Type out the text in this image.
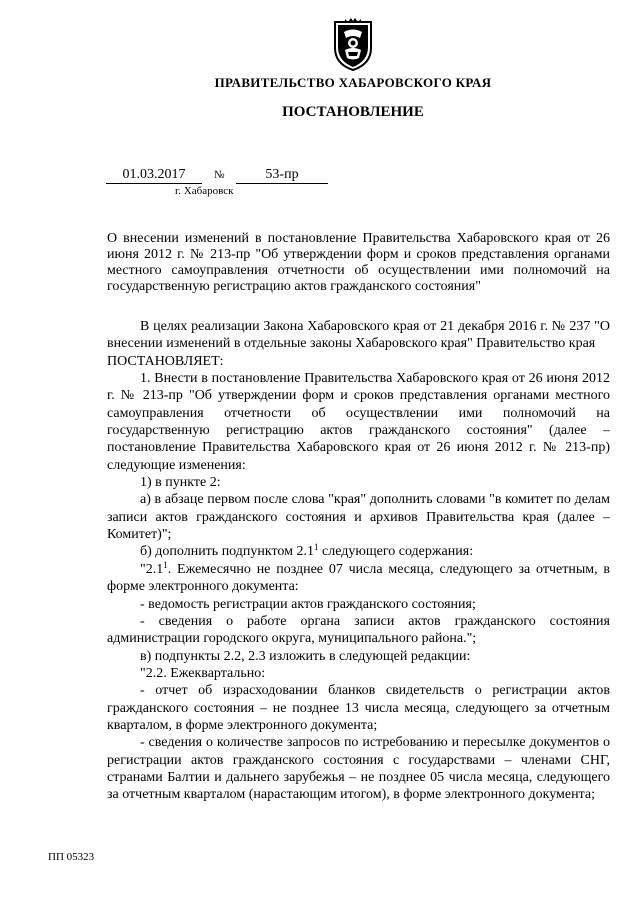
ПРАВИТЕЛЬСТВО ХАБАРОВСКОГО КРАЯ
ПОСТАНОВЛЕНИЕ
01.03.2017	№	53-пр
г. Хабаровск
О внесении изменений в постановление Правительства Хабаровского края от 26 июня 2012 г. № 213-пр "Об утверждении форм и сроков представления органами местного самоуправления отчетности об осуществлении ими полномочий на государственную регистрацию актов гражданского состояния"

В целях реализации Закона Хабаровского края от 21 декабря 2016 г. № 237 "О внесении изменений в отдельные законы Хабаровского края" Правительство края

ПОСТАНОВЛЯЕТ:

1. Внести в постановление Правительства Хабаровского края от 26 июня 2012 г. № 213-пр "Об утверждении форм и сроков представления органами местного самоуправления отчетности об осуществлении ими полномочий на государственную регистрацию актов гражданского состояния" (далее – постановление Правительства Хабаровского края от 26 июня 2012 г. № 213-пр) следующие изменения:

1) в пункте 2:

а) в абзаце первом после слова "края" дополнить словами "в комитет по делам записи актов гражданского состояния и архивов Правительства края (далее – Комитет)";

б) дополнить подпунктом $2.1^1$ следующего содержания:

"$2.1^1$. Ежемесячно не позднее 07 числа месяца, следующего за отчетным, в форме электронного документа:

- ведомость регистрации актов гражданского состояния;

- сведения о работе органа записи актов гражданского состояния администрации городского округа, муниципального района.";

в) подпункты 2.2, 2.3 изложить в следующей редакции:

"2.2. Ежеквартально:

- отчет об израсходовании бланков свидетельств о регистрации актов гражданского состояния – не позднее 13 числа месяца, следующего за отчетным кварталом, в форме электронного документа;

- сведения о количестве запросов по истребованию и пересылке документов о регистрации актов гражданского состояния с государствами – членами СНГ, странами Балтии и дальнего зарубежья – не позднее 05 числа месяца, следующего за отчетным кварталом (нарастающим итогом), в форме электронного документа;

ПП 05323
